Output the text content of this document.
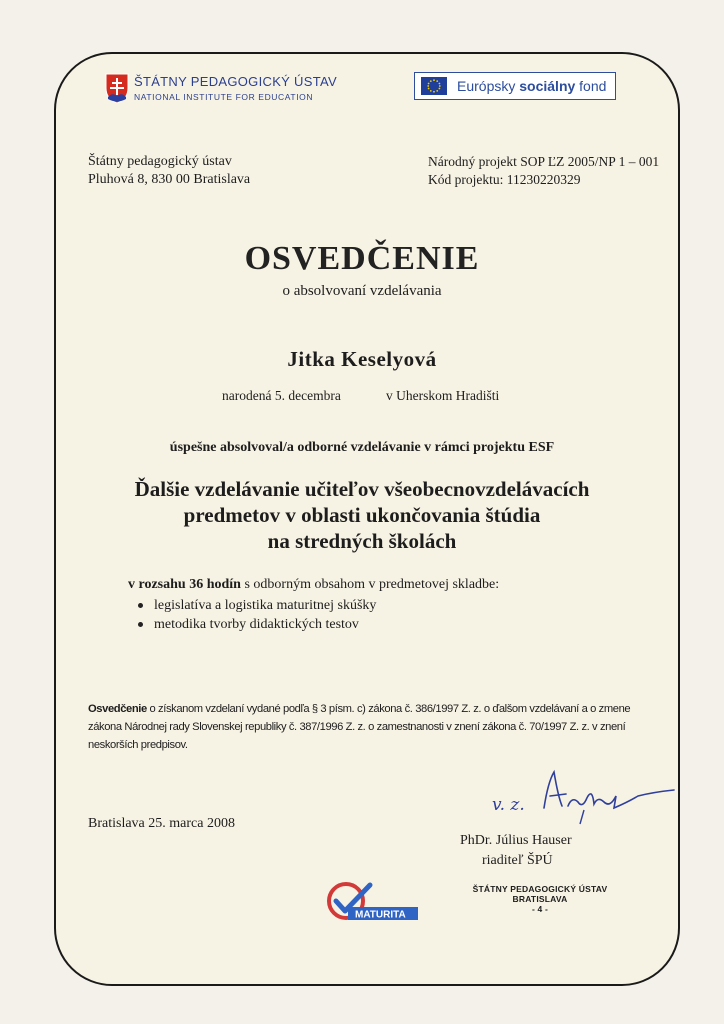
ŠTÁTNY PEDAGOGICKÝ ÚSTAV
NATIONAL INSTITUTE FOR EDUCATION
Európsky sociálny fond
Štátny pedagogický ústav
Pluhová 8, 830 00 Bratislava
Národný projekt SOP ĽZ 2005/NP 1 – 001
Kód projektu: 11230220329
OSVEDČENIE
o absolvovaní vzdelávania
Jitka Keselyová
narodená 5. decembra	v Uherskom Hradišti
úspešne absolvoval/a odborné vzdelávanie v rámci projektu ESF
Ďalšie vzdelávanie učiteľov všeobecnovzdelávacích
predmetov v oblasti ukončovania štúdia
na stredných školách
v rozsahu 36 hodín s odborným obsahom v predmetovej skladbe:
legislatíva a logistika maturitnej skúšky
metodika tvorby didaktických testov
Osvedčenie o získanom vzdelaní vydané podľa § 3 písm. c) zákona č. 386/1997 Z. z. o ďalšom vzdelávaní a o zmene zákona Národnej rady Slovenskej republiky č. 387/1996 Z. z. o zamestnanosti v znení zákona č. 70/1997 Z. z. v znení neskorších predpisov.
Bratislava 25. marca 2008
v. z.
PhDr. Július Hauser
riaditeľ ŠPÚ
MATURITA
ŠTÁTNY PEDAGOGICKÝ ÚSTAV
BRATISLAVA
- 4 -
